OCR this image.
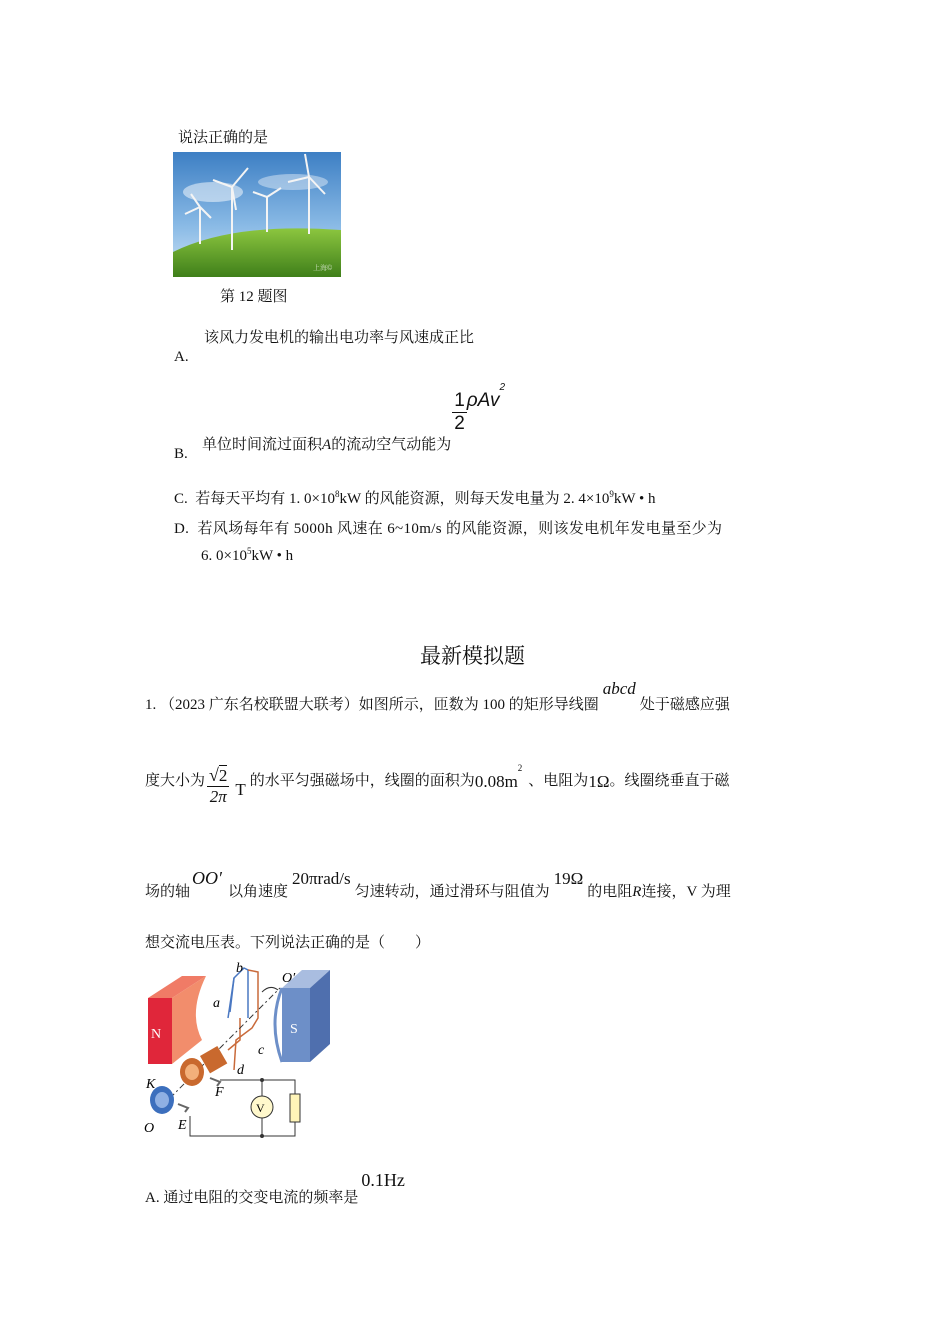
说法正确的是
上海©
第 12 题图
该风力发电机的输出电功率与风速成正比
A.
单位时间流过面积A的流动空气动能为
$\frac{1}{2} \rho Av^2$
B.
C. 若每天平均有 1. $0\times 10^8kW$ 的风能资源，则每天发电量为 2. $4\times 10^9kW$ • h
D. 若风场每年有 5000h 风速在 6~10m/s 的风能资源，则该发电机年发电量至少为
6. $0\times 10^5kW$ • h
最新模拟题
1. （2023 广东名校联盟大联考）如图所示，匝数为 100 的矩形导线圈abcd处于磁感应强
度大小为 $\frac{√2}{2\pi}$ T 的水平匀强磁场中，线圈的面积为$0.08m^2$、电阻为1Ω。线圈绕垂直于磁
场的轴OO′以角速度20πrad/s匀速转动，通过滑环与阻值为19Ω的电阻R连接，V 为理
想交流电压表。下列说法正确的是（　　）
N	S
V
b
a
c
d
O′
K
F
O E
A. 通过电阻的交变电流的频率是0.1Hz
